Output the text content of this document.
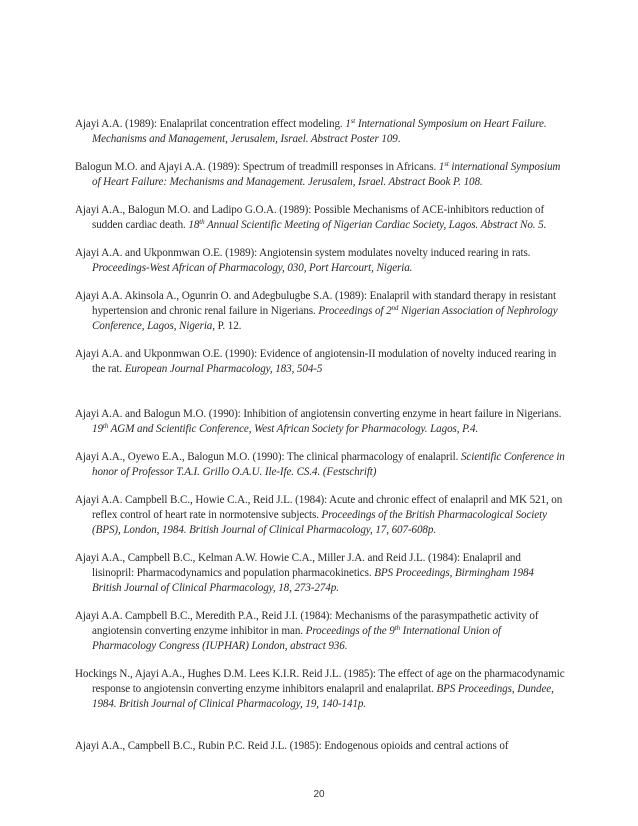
Ajayi A.A. (1989): Enalaprilat concentration effect modeling. 1st International Symposium on Heart Failure. Mechanisms and Management, Jerusalem, Israel. Abstract Poster 109.

Balogun M.O. and Ajayi A.A. (1989): Spectrum of treadmill responses in Africans. 1st international Symposium of Heart Failure: Mechanisms and Management. Jerusalem, Israel. Abstract Book P. 108.

Ajayi A.A., Balogun M.O. and Ladipo G.O.A. (1989): Possible Mechanisms of ACE-inhibitors reduction of sudden cardiac death. 18th Annual Scientific Meeting of Nigerian Cardiac Society, Lagos. Abstract No. 5.

Ajayi A.A. and Ukponmwan O.E. (1989): Angiotensin system modulates novelty induced rearing in rats. Proceedings-West African of Pharmacology, 030, Port Harcourt, Nigeria.

Ajayi A.A. Akinsola A., Ogunrin O. and Adegbulugbe S.A. (1989): Enalapril with standard therapy in resistant hypertension and chronic renal failure in Nigerians. Proceedings of 2nd Nigerian Association of Nephrology Conference, Lagos, Nigeria, P. 12.

Ajayi A.A. and Ukponmwan O.E. (1990): Evidence of angiotensin-II modulation of novelty induced rearing in the rat. European Journal Pharmacology, 183, 504-5

Ajayi A.A. and Balogun M.O. (1990): Inhibition of angiotensin converting enzyme in heart failure in Nigerians. 19th AGM and Scientific Conference, West African Society for Pharmacology. Lagos, P.4.

Ajayi A.A., Oyewo E.A., Balogun M.O. (1990): The clinical pharmacology of enalapril. Scientific Conference in honor of Professor T.A.I. Grillo O.A.U. Ile-Ife. CS.4. (Festschrift)

Ajayi A.A. Campbell B.C., Howie C.A., Reid J.L. (1984): Acute and chronic effect of enalapril and MK 521, on reflex control of heart rate in normotensive subjects. Proceedings of the British Pharmacological Society (BPS), London, 1984. British Journal of Clinical Pharmacology, 17, 607-608p.

Ajayi A.A., Campbell B.C., Kelman A.W. Howie C.A., Miller J.A. and Reid J.L. (1984): Enalapril and lisinopril: Pharmacodynamics and population pharmacokinetics. BPS Proceedings, Birmingham 1984 British Journal of Clinical Pharmacology, 18, 273-274p.

Ajayi A.A. Campbell B.C., Meredith P.A., Reid J.I. (1984): Mechanisms of the parasympathetic activity of angiotensin converting enzyme inhibitor in man. Proceedings of the 9th International Union of Pharmacology Congress (IUPHAR) London, abstract 936.

Hockings N., Ajayi A.A., Hughes D.M. Lees K.I.R. Reid J.L. (1985): The effect of age on the pharmacodynamic response to angiotensin converting enzyme inhibitors enalapril and enalaprilat. BPS Proceedings, Dundee, 1984. British Journal of Clinical Pharmacology, 19, 140-141p.

Ajayi A.A., Campbell B.C., Rubin P.C. Reid J.L. (1985): Endogenous opioids and central actions of

20
